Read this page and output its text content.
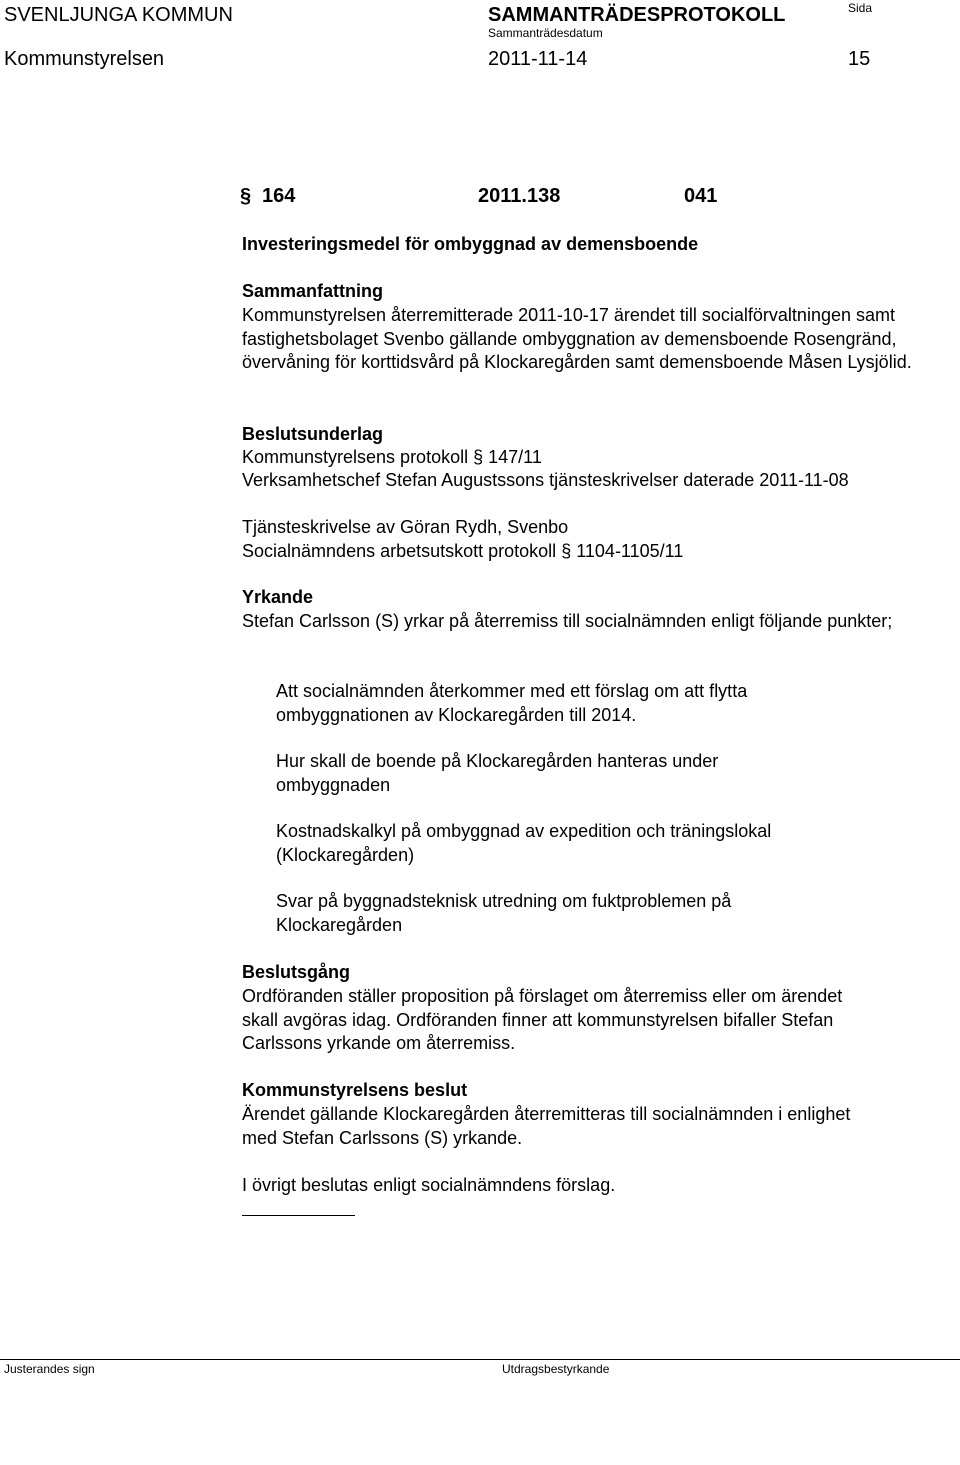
SVENLJUNGA KOMMUN	SAMMANTRÄDESPROTOKOLL	Sida
Sammanträdesdatum
Kommunstyrelsen	2011-11-14	15
§ 164	2011.138	041
Investeringsmedel för ombyggnad av demensboende
Sammanfattning
Kommunstyrelsen återremitterade 2011-10-17 ärendet till socialförvaltningen samt fastighetsbolaget Svenbo gällande ombyggnation av demensboende Rosengränd, övervåning för korttidsvård på Klockaregården samt demensboende Måsen Lysjölid.
Beslutsunderlag
Kommunstyrelsens protokoll § 147/11
Verksamhetschef Stefan Augustssons tjänsteskrivelser daterade 2011-11-08
Tjänsteskrivelse av Göran Rydh, Svenbo
Socialnämndens arbetsutskott protokoll § 1104-1105/11
Yrkande
Stefan Carlsson (S) yrkar på återremiss till socialnämnden enligt följande punkter;
Att socialnämnden återkommer med ett förslag om att flytta ombyggnationen av Klockaregården till 2014.
Hur skall de boende på Klockaregården hanteras under ombyggnaden
Kostnadskalkyl på ombyggnad av expedition och träningslokal (Klockaregården)
Svar på byggnadsteknisk utredning om fuktproblemen på Klockaregården
Beslutsgång
Ordföranden ställer proposition på förslaget om återremiss eller om ärendet skall avgöras idag. Ordföranden finner att kommunstyrelsen bifaller Stefan Carlssons yrkande om återremiss.
Kommunstyrelsens beslut
Ärendet gällande Klockaregården återremitteras till socialnämnden i enlighet med Stefan Carlssons (S) yrkande.
I övrigt beslutas enligt socialnämndens förslag.
Justerandes sign	Utdragsbestyrkande
